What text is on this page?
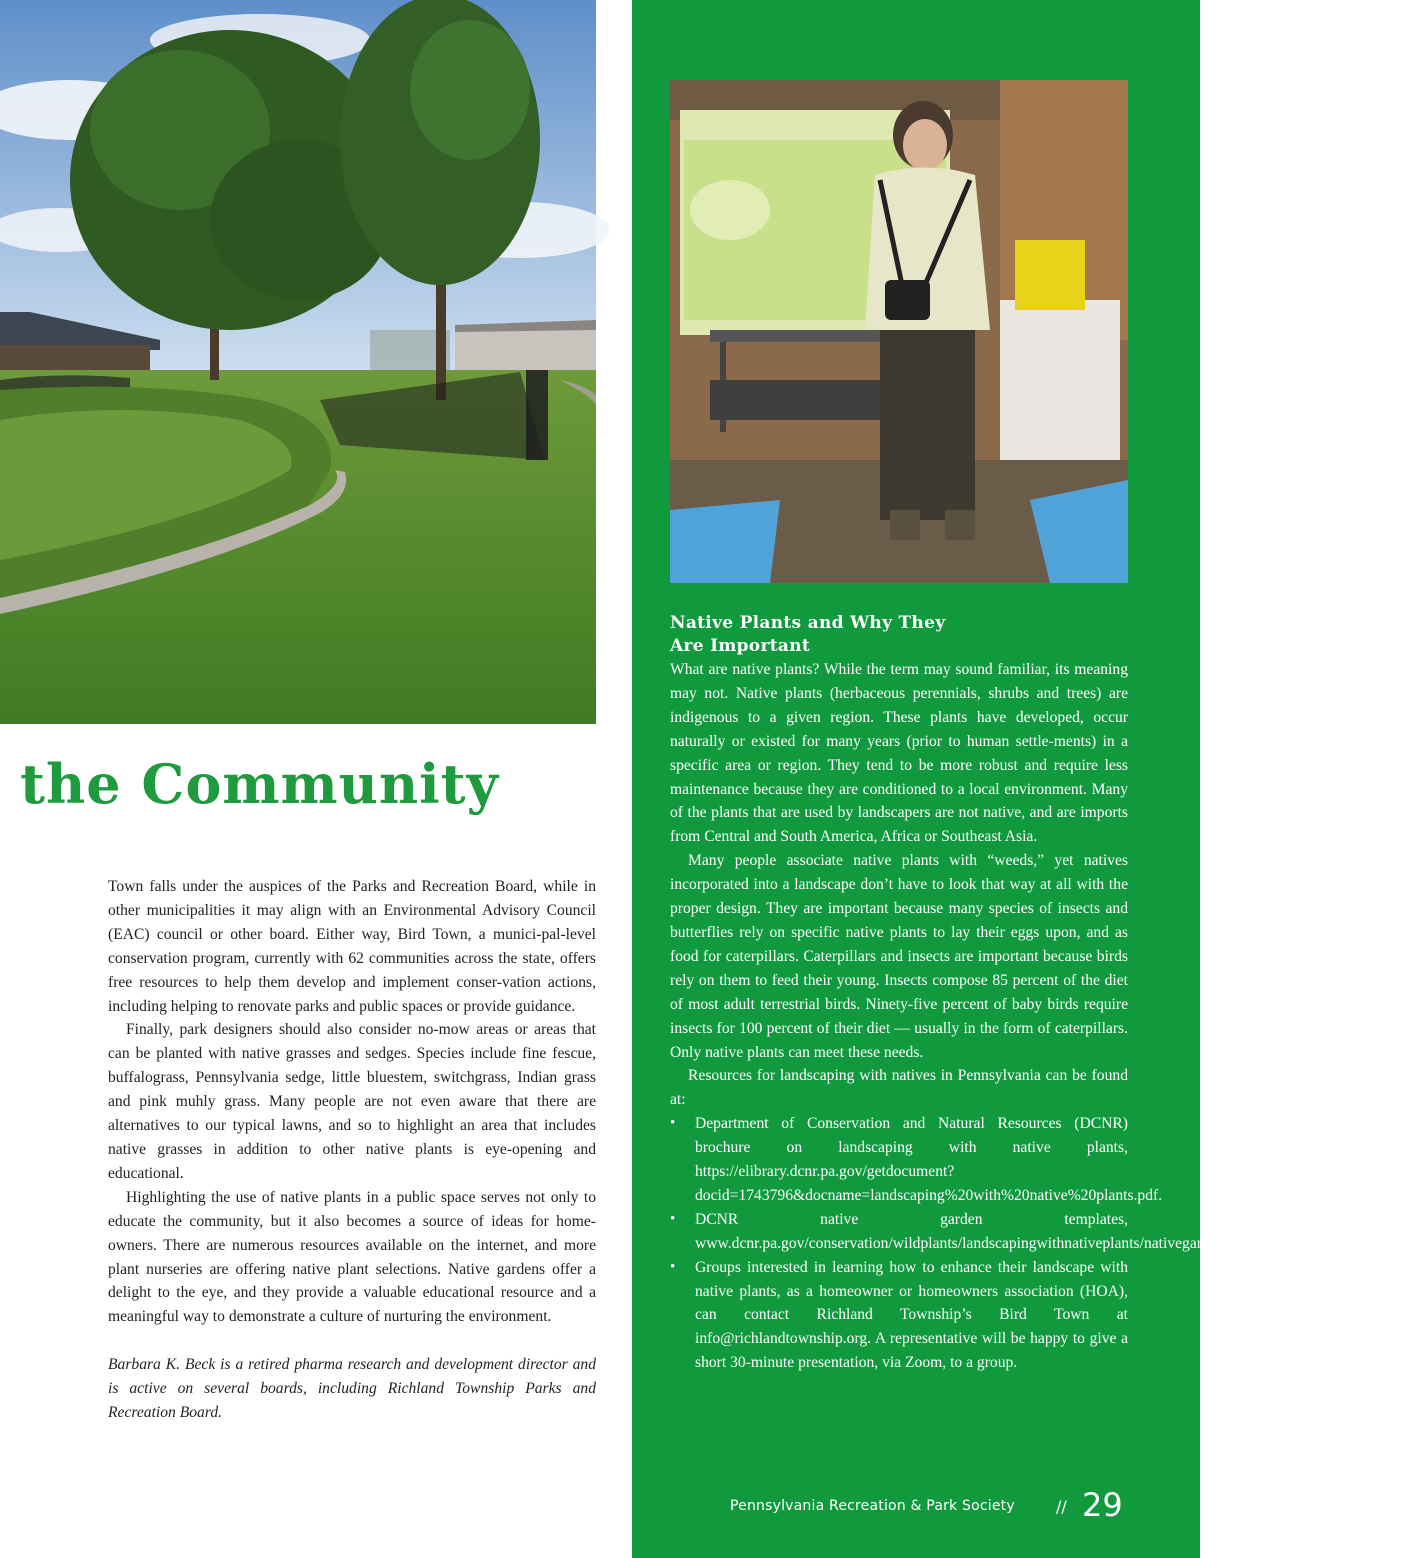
the Community

Town falls under the auspices of the Parks and Recreation Board, while in other municipalities it may align with an Environmental Advisory Council (EAC) council or other board. Either way, Bird Town, a munici-pal-level conservation program, currently with 62 communities across the state, offers free resources to help them develop and implement conser-vation actions, including helping to renovate parks and public spaces or provide guidance.

Finally, park designers should also consider no-mow areas or areas that can be planted with native grasses and sedges. Species include fine fescue, buffalograss, Pennsylvania sedge, little bluestem, switchgrass, Indian grass and pink muhly grass. Many people are not even aware that there are alternatives to our typical lawns, and so to highlight an area that includes native grasses in addition to other native plants is eye-opening and educational.

Highlighting the use of native plants in a public space serves not only to educate the community, but it also becomes a source of ideas for home-owners. There are numerous resources available on the internet, and more plant nurseries are offering native plant selections. Native gardens offer a delight to the eye, and they provide a valuable educational resource and a meaningful way to demonstrate a culture of nurturing the environment.

Barbara K. Beck is a retired pharma research and development director and is active on several boards, including Richland Township Parks and Recreation Board.

Native Plants and Why They
Are Important

What are native plants? While the term may sound familiar, its meaning may not. Native plants (herbaceous perennials, shrubs and trees) are indigenous to a given region. These plants have developed, occur naturally or existed for many years (prior to human settle-ments) in a specific area or region. They tend to be more robust and require less maintenance because they are conditioned to a local environment. Many of the plants that are used by landscapers are not native, and are imports from Central and South America, Africa or Southeast Asia.

Many people associate native plants with “weeds,” yet natives incorporated into a landscape don’t have to look that way at all with the proper design. They are important because many species of insects and butterflies rely on specific native plants to lay their eggs upon, and as food for caterpillars. Caterpillars and insects are important because birds rely on them to feed their young. Insects compose 85 percent of the diet of most adult terrestrial birds. Ninety-five percent of baby birds require insects for 100 percent of their diet — usually in the form of caterpillars. Only native plants can meet these needs.

Resources for landscaping with natives in Pennsylvania can be found at:

• Department of Conservation and Natural Resources (DCNR) brochure on landscaping with native plants, https://elibrary.dcnr.pa.gov/getdocument?docid=1743796&docname=landscaping%20with%20native%20plants.pdf.
• DCNR native garden templates, www.dcnr.pa.gov/conservation/wildplants/landscapingwithnativeplants/nativegardentemplates/pages/default.aspx.
• Groups interested in learning how to enhance their landscape with native plants, as a homeowner or homeowners association (HOA), can contact Richland Township’s Bird Town at info@richlandtownship.org. A representative will be happy to give a short 30-minute presentation, via Zoom, to a group.
Pennsylvania Recreation & Park Society	// 29
